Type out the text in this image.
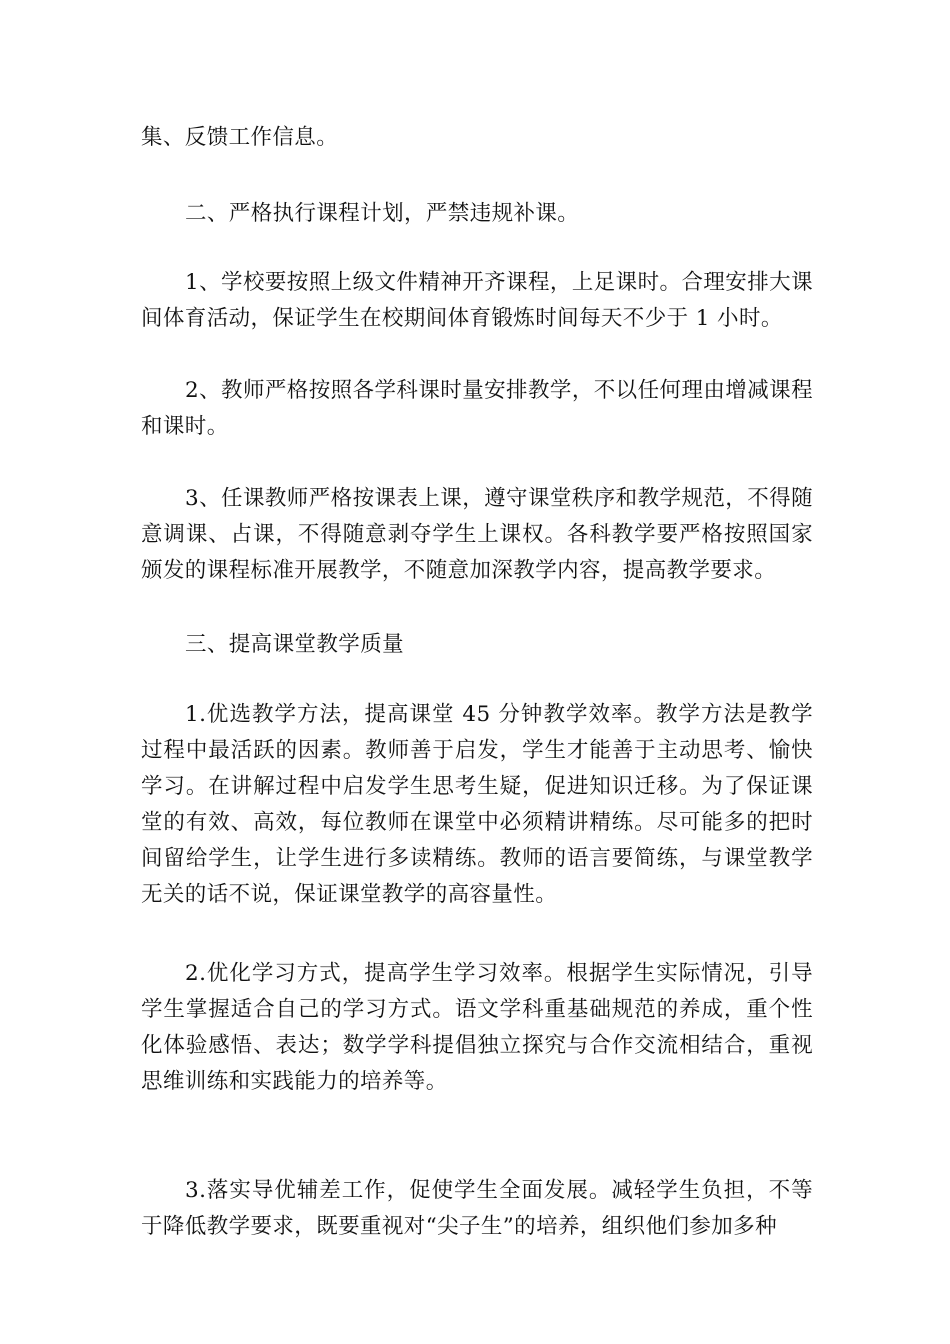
集、反馈工作信息。

二、严格执行课程计划，严禁违规补课。

1、学校要按照上级文件精神开齐课程，上足课时。合理安排大课间体育活动，保证学生在校期间体育锻炼时间每天不少于 1 小时。

2、教师严格按照各学科课时量安排教学，不以任何理由增减课程和课时。

3、任课教师严格按课表上课，遵守课堂秩序和教学规范，不得随意调课、占课，不得随意剥夺学生上课权。各科教学要严格按照国家颁发的课程标准开展教学，不随意加深教学内容，提高教学要求。

三、提高课堂教学质量

1.优选教学方法，提高课堂 45 分钟教学效率。教学方法是教学过程中最活跃的因素。教师善于启发，学生才能善于主动思考、愉快学习。在讲解过程中启发学生思考生疑，促进知识迁移。为了保证课堂的有效、高效，每位教师在课堂中必须精讲精练。尽可能多的把时间留给学生，让学生进行多读精练。教师的语言要简练，与课堂教学无关的话不说，保证课堂教学的高容量性。

2.优化学习方式，提高学生学习效率。根据学生实际情况，引导学生掌握适合自己的学习方式。语文学科重基础规范的养成，重个性化体验感悟、表达；数学学科提倡独立探究与合作交流相结合，重视思维训练和实践能力的培养等。

3.落实导优辅差工作，促使学生全面发展。减轻学生负担，不等于降低教学要求，既要重视对“尖子生”的培养，组织他们参加多种
